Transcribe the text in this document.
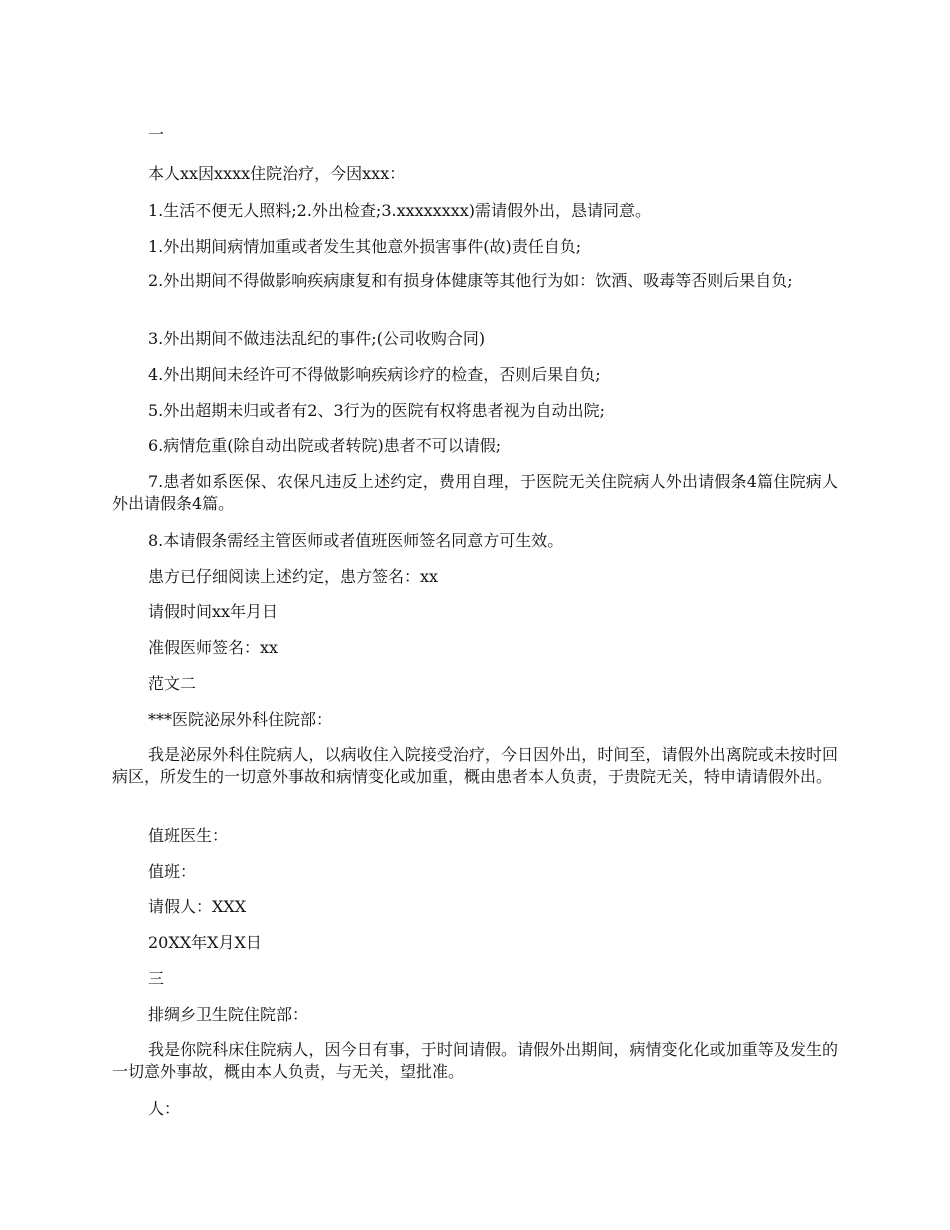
一

本人xx因xxxx住院治疗，今因xxx：

1.生活不便无人照料;2.外出检查;3.xxxxxxxx)需请假外出，恳请同意。

1.外出期间病情加重或者发生其他意外损害事件(故)责任自负;

2.外出期间不得做影响疾病康复和有损身体健康等其他行为如：饮酒、吸毒等否则后果自负;

3.外出期间不做违法乱纪的事件;(公司收购合同)

4.外出期间未经许可不得做影响疾病诊疗的检查，否则后果自负;

5.外出超期未归或者有2、3行为的医院有权将患者视为自动出院;

6.病情危重(除自动出院或者转院)患者不可以请假;

7.患者如系医保、农保凡违反上述约定，费用自理，于医院无关住院病人外出请假条4篇住院病人外出请假条4篇。

8.本请假条需经主管医师或者值班医师签名同意方可生效。

患方已仔细阅读上述约定，患方签名：xx

请假时间xx年月日

准假医师签名：xx

范文二

***医院泌尿外科住院部：

我是泌尿外科住院病人，以病收住入院接受治疗，今日因外出，时间至，请假外出离院或未按时回病区，所发生的一切意外事故和病情变化或加重，概由患者本人负责，于贵院无关，特申请请假外出。

值班医生：

值班：

请假人：XXX

20XX年X月X日

三

排绸乡卫生院住院部：

我是你院科床住院病人，因今日有事，于时间请假。请假外出期间，病情变化化或加重等及发生的一切意外事故，概由本人负责，与无关，望批准。

人：
